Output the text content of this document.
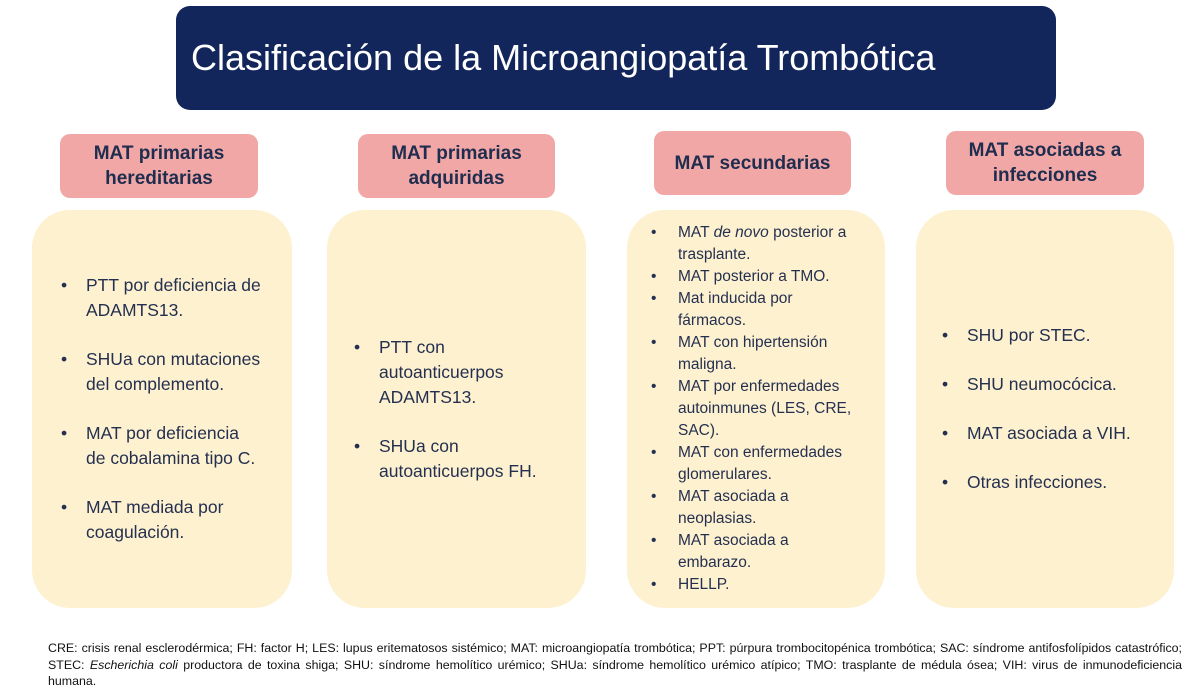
Clasificación de la Microangiopatía Trombótica
MAT primarias
hereditarias
MAT primarias
adquiridas
MAT secundarias
MAT asociadas a
infecciones
• PTT por deficiencia de
ADAMTS13.
• SHUa con mutaciones
del complemento.
• MAT por deficiencia
de cobalamina tipo C.
• MAT mediada por
coagulación.
• PTT con
autoanticuerpos
ADAMTS13.
• SHUa con
autoanticuerpos FH.
• MAT de novo posterior a
trasplante.
• MAT posterior a TMO.
• Mat inducida por
fármacos.
• MAT con hipertensión
maligna.
• MAT por enfermedades
autoinmunes (LES, CRE,
SAC).
• MAT con enfermedades
glomerulares.
• MAT asociada a
neoplasias.
• MAT asociada a
embarazo.
• HELLP.
• SHU por STEC.
• SHU neumocócica.
• MAT asociada a VIH.
• Otras infecciones.
CRE: crisis renal esclerodérmica; FH: factor H; LES: lupus eritematosos sistémico; MAT: microangiopatía trombótica; PPT: púrpura trombocitopénica trombótica; SAC: síndrome antifosfolípidos catastrófico; STEC: Escherichia coli productora de toxina shiga; SHU: síndrome hemolítico urémico; SHUa: síndrome hemolítico urémico atípico; TMO: trasplante de médula ósea; VIH: virus de inmunodeficiencia humana.
